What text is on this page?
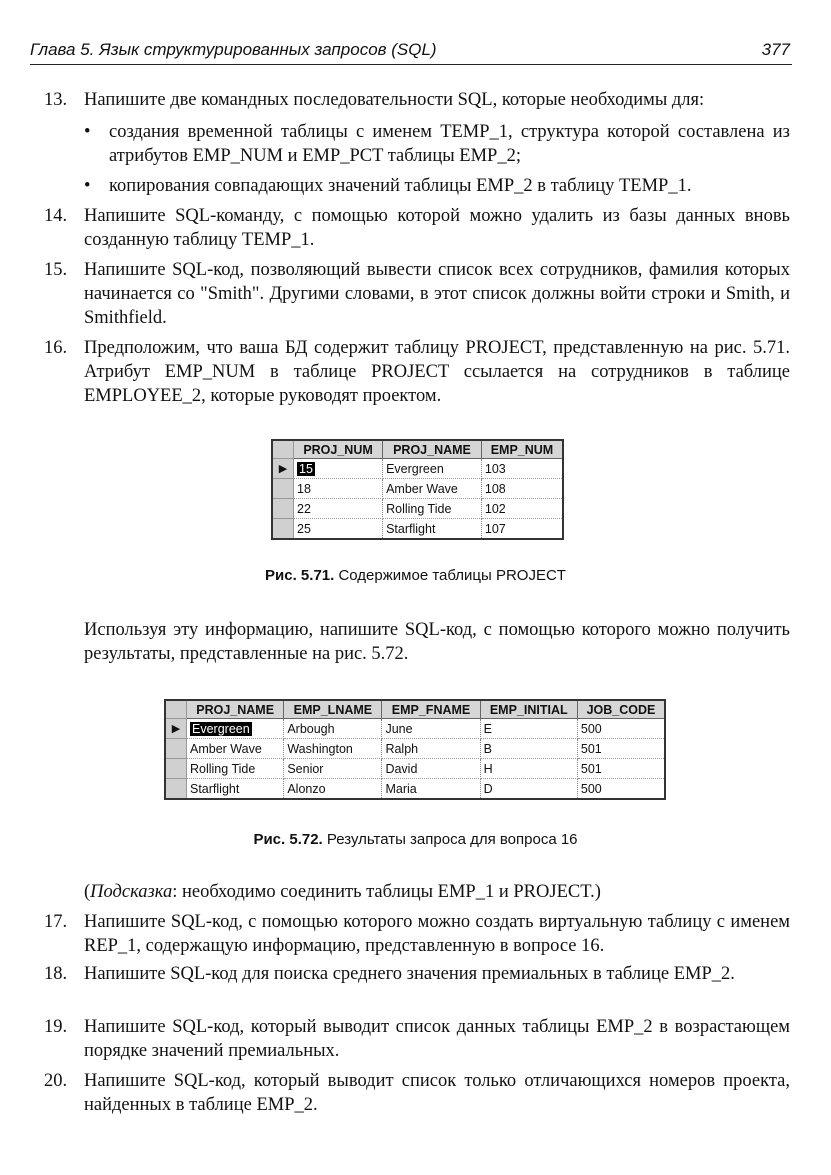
Глава 5. Язык структурированных запросов (SQL)	377
13. Напишите две командных последовательности SQL, которые необходимы для:
• создания временной таблицы с именем TEMP_1, структура которой составлена из атрибутов EMP_NUM и EMP_PCT таблицы EMP_2;
• копирования совпадающих значений таблицы EMP_2 в таблицу TEMP_1.
14. Напишите SQL-команду, с помощью которой можно удалить из базы данных вновь созданную таблицу TEMP_1.
15. Напишите SQL-код, позволяющий вывести список всех сотрудников, фамилия которых начинается со "Smith". Другими словами, в этот список должны войти строки и Smith, и Smithfield.
16. Предположим, что ваша БД содержит таблицу PROJECT, представленную на рис. 5.71. Атрибут EMP_NUM в таблице PROJECT ссылается на сотрудников в таблице EMPLOYEE_2, которые руководят проектом.
	PROJ_NUM	PROJ_NAME	EMP_NUM
▶	15	Evergreen	103
	18	Amber Wave	108
	22	Rolling Tide	102
	25	Starflight	107
Рис. 5.71. Содержимое таблицы PROJECT
Используя эту информацию, напишите SQL-код, с помощью которого можно получить результаты, представленные на рис. 5.72.
	PROJ_NAME	EMP_LNAME	EMP_FNAME	EMP_INITIAL	JOB_CODE
▶	Evergreen	Arbough	June	E	500
	Amber Wave	Washington	Ralph	B	501
	Rolling Tide	Senior	David	H	501
	Starflight	Alonzo	Maria	D	500
Рис. 5.72. Результаты запроса для вопроса 16
(Подсказка: необходимо соединить таблицы EMP_1 и PROJECT.)
17. Напишите SQL-код, с помощью которого можно создать виртуальную таблицу с именем REP_1, содержащую информацию, представленную в вопросе 16.
18. Напишите SQL-код для поиска среднего значения премиальных в таблице EMP_2.
19. Напишите SQL-код, который выводит список данных таблицы EMP_2 в возрастающем порядке значений премиальных.
20. Напишите SQL-код, который выводит список только отличающихся номеров проекта, найденных в таблице EMP_2.
